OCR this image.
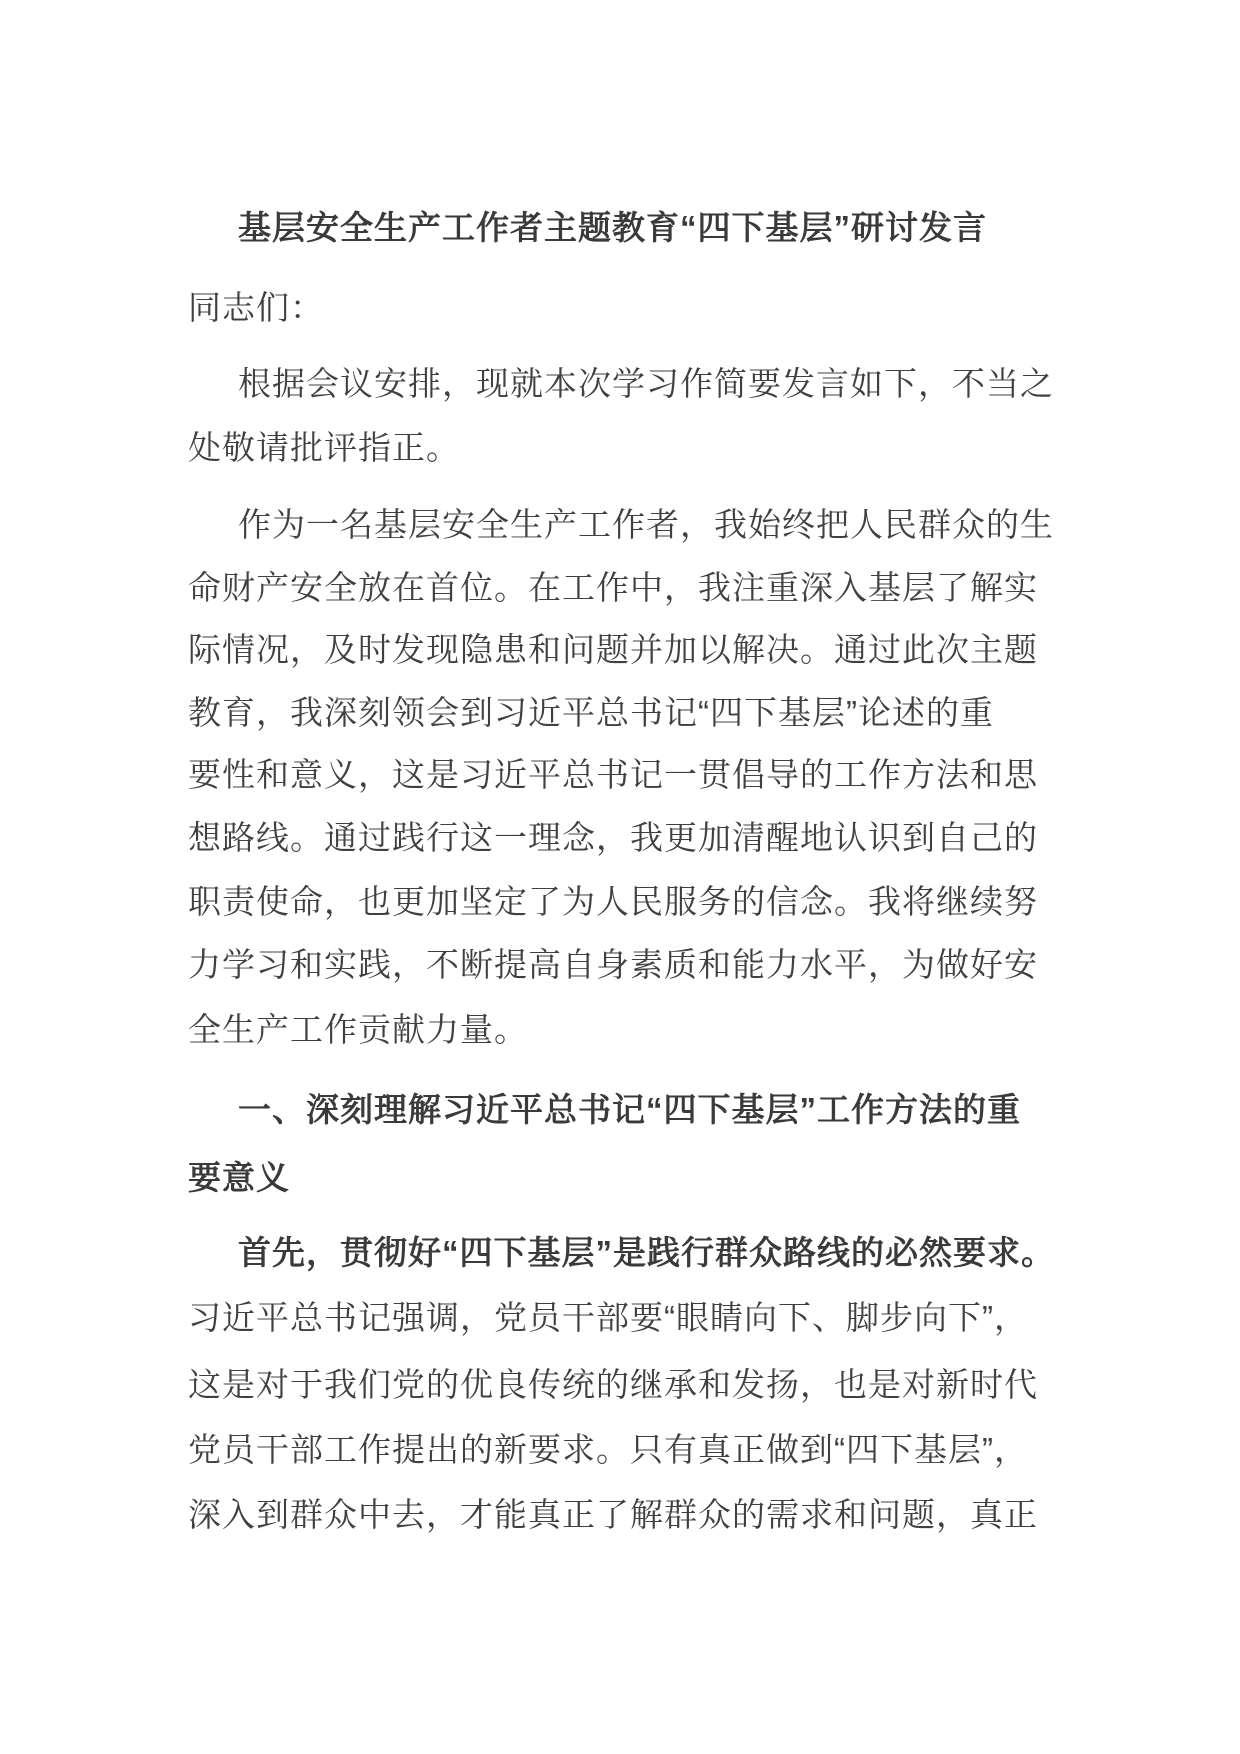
基层安全生产工作者主题教育“四下基层”研讨发言
同志们：
根据会议安排，现就本次学习作简要发言如下，不当之
处敬请批评指正。
作为一名基层安全生产工作者，我始终把人民群众的生
命财产安全放在首位。在工作中，我注重深入基层了解实
际情况，及时发现隐患和问题并加以解决。通过此次主题
教育，我深刻领会到习近平总书记“四下基层”论述的重
要性和意义，这是习近平总书记一贯倡导的工作方法和思
想路线。通过践行这一理念，我更加清醒地认识到自己的
职责使命，也更加坚定了为人民服务的信念。我将继续努
力学习和实践，不断提高自身素质和能力水平，为做好安
全生产工作贡献力量。
一、深刻理解习近平总书记“四下基层”工作方法的重
要意义
首先，贯彻好“四下基层”是践行群众路线的必然要求。
习近平总书记强调，党员干部要“眼睛向下、脚步向下”，
这是对于我们党的优良传统的继承和发扬，也是对新时代
党员干部工作提出的新要求。只有真正做到“四下基层”，
深入到群众中去，才能真正了解群众的需求和问题，真正
